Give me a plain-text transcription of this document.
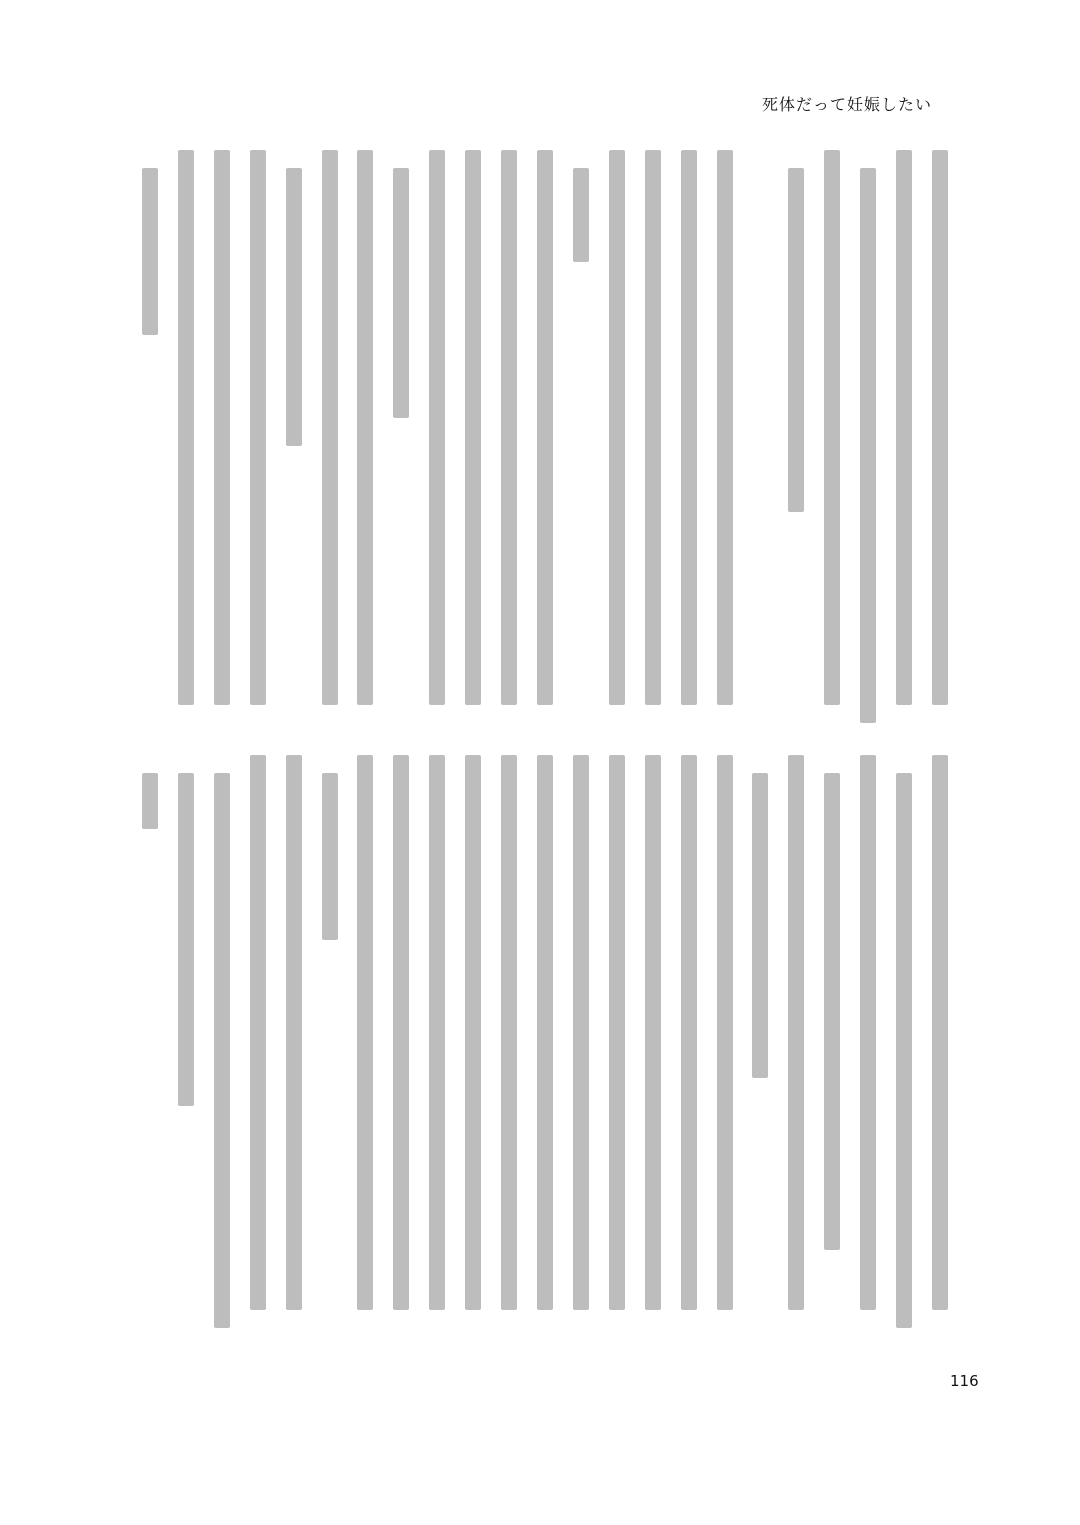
死体だって妊娠したい
116
